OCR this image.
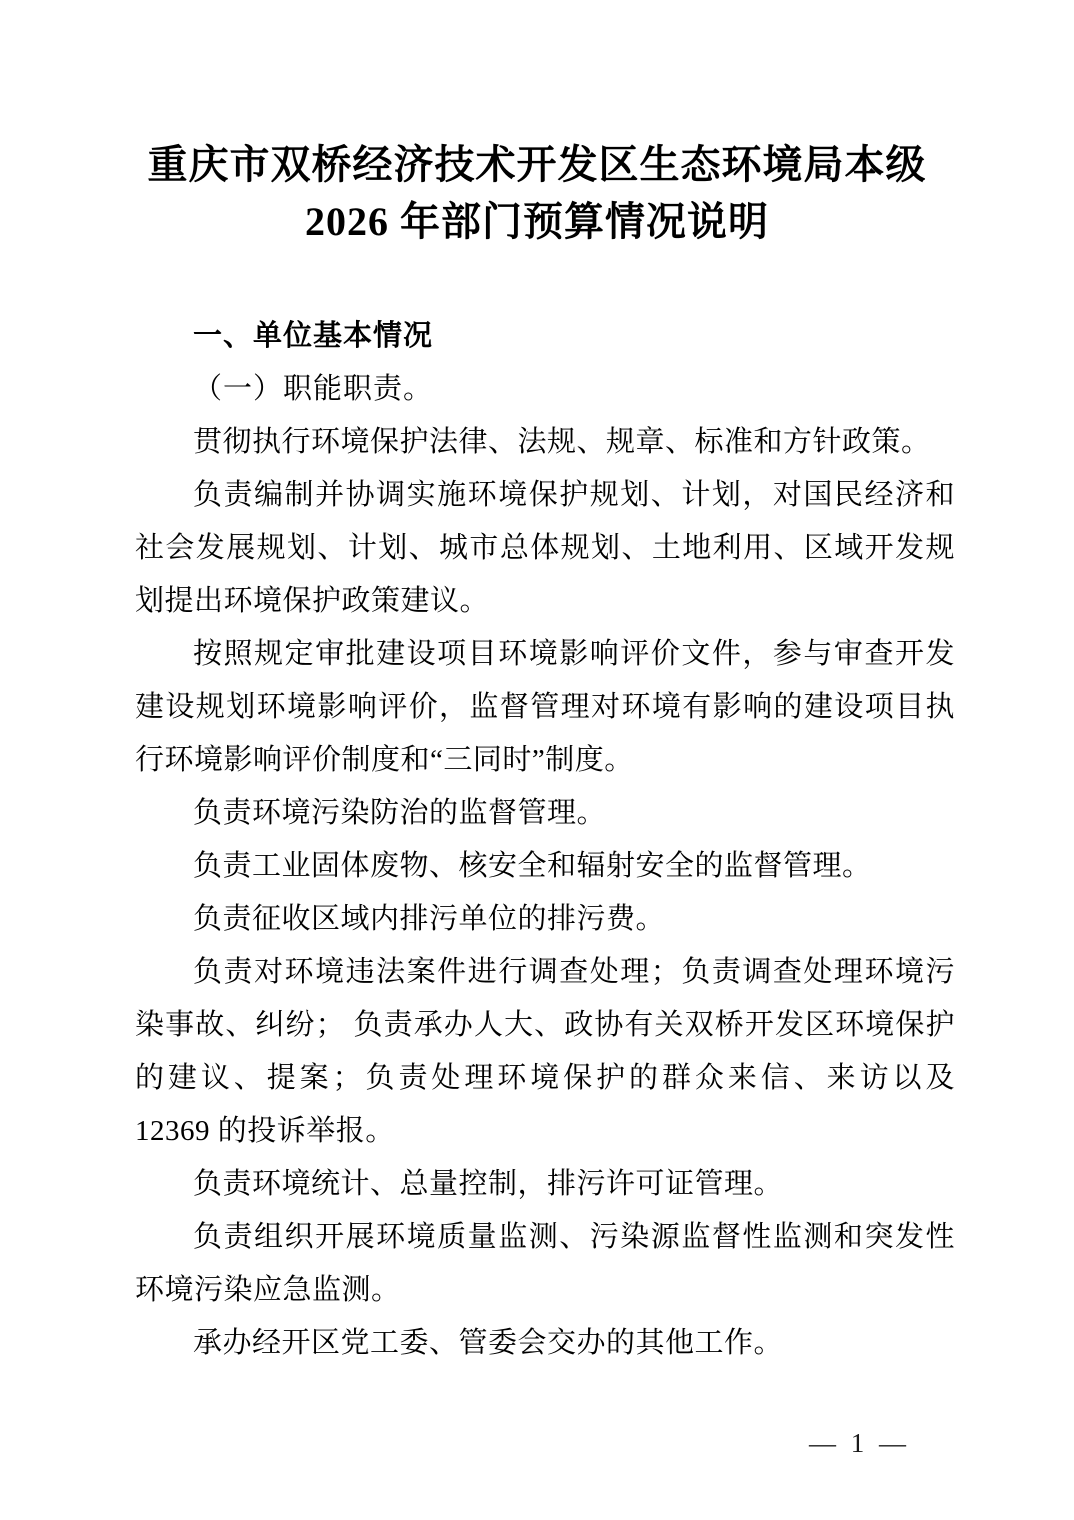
重庆市双桥经济技术开发区生态环境局本级
2026 年部门预算情况说明
一、单位基本情况

（一）职能职责。

贯彻执行环境保护法律、法规、规章、标准和方针政策。

负责编制并协调实施环境保护规划、计划，对国民经济和社会发展规划、计划、城市总体规划、土地利用、区域开发规划提出环境保护政策建议。

按照规定审批建设项目环境影响评价文件，参与审查开发建设规划环境影响评价，监督管理对环境有影响的建设项目执行环境影响评价制度和“三同时”制度。

负责环境污染防治的监督管理。

负责工业固体废物、核安全和辐射安全的监督管理。

负责征收区域内排污单位的排污费。

负责对环境违法案件进行调查处理；负责调查处理环境污染事故、纠纷； 负责承办人大、政协有关双桥开发区环境保护的建议、提案；负责处理环境保护的群众来信、来访以及 12369 的投诉举报。

负责环境统计、总量控制，排污许可证管理。

负责组织开展环境质量监测、污染源监督性监测和突发性环境污染应急监测。

承办经开区党工委、管委会交办的其他工作。

— 1 —
